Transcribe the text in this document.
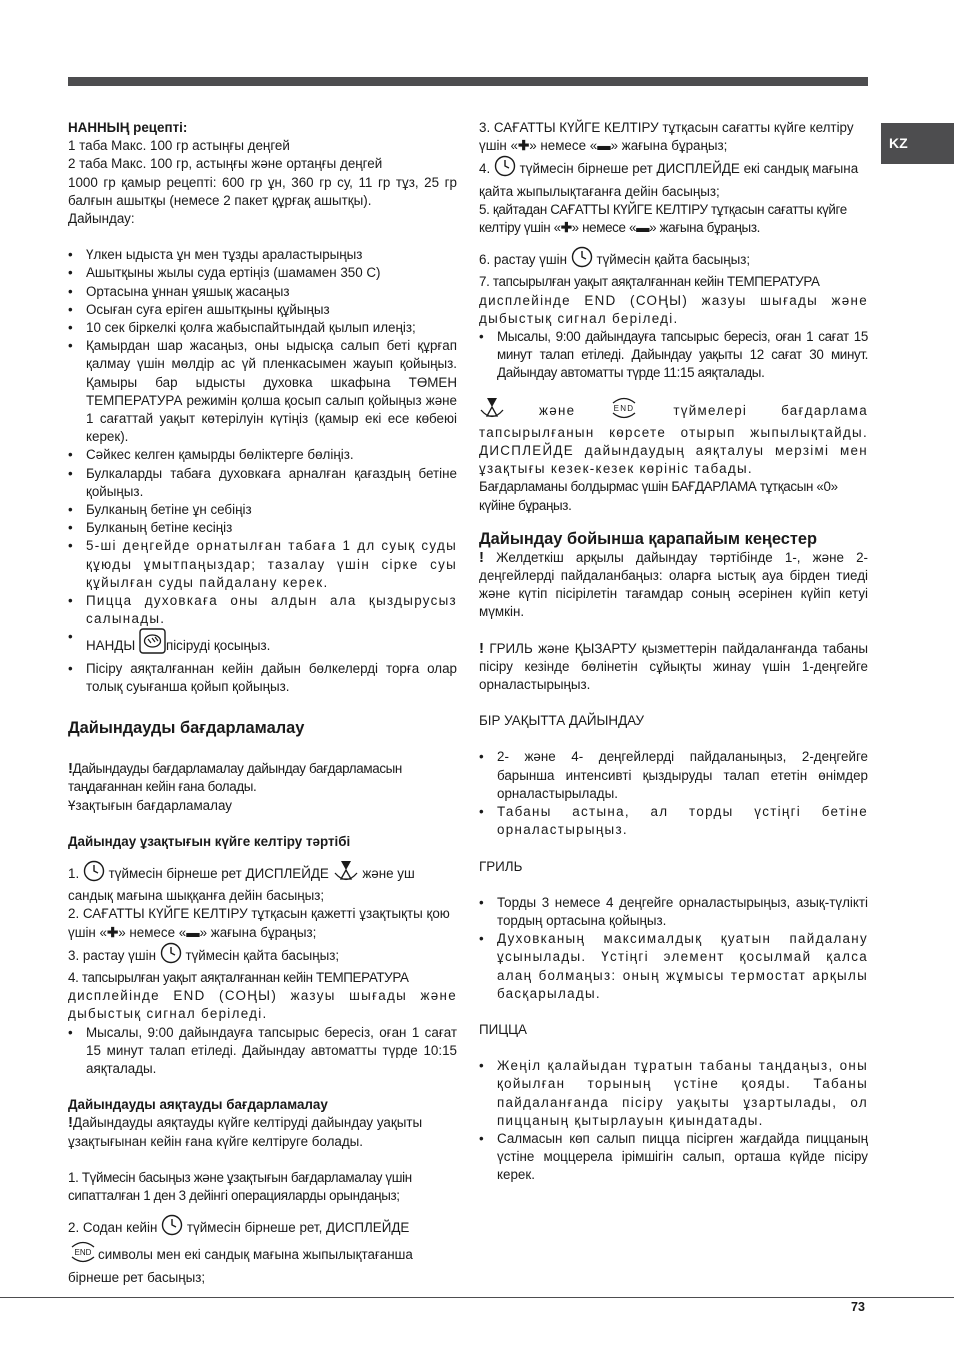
KZ

НАННЫҢ рецепті:

1 таба Макс. 100 гр астыңғы деңгей

2 таба Макс. 100 гр, астыңғы және ортаңғы деңгей

1000 гр қамыр рецепті: 600 гр ұн, 360 гр су, 11 гр тұз, 25 гр балғын ашытқы (немесе 2 пакет құрғақ ашытқы).

Дайындау:

• Үлкен ыдыста ұн мен тұзды араластырыңыз
• Ашытқыны жылы суда ертіңіз (шамамен 350 С)
• Ортасына ұннан ұяшық жасаңыз
• Осыған суға еріген ашытқыны құйыңыз
• 10 сек біркелкі қолға жабыспайтындай қылып илеңіз;
• Қамырдан шар жасаңыз, оны ыдысқа салып беті құрғап қалмау үшін мөлдір ас үй пленкасымен жауып қойыңыз. Қамыры бар ыдысты духовка шкафына ТӨМЕН ТЕМПЕРАТУРА режимін қолша қосып салып қойыңыз және 1 сағаттай уақыт көтерілуін күтіңіз (қамыр екі есе көбеюі керек).
• Сәйкес келген қамырды бөліктерге бөліңіз.
• Булкаларды табаға духовкаға арналған қағаздың бетіне қойыңыз.
• Булканың бетіне ұн себіңіз
• Булканың бетіне кесіңіз
• 5-ші деңгейде орнатылған табаға 1 дл суық суды құюды ұмытпаңыздар; тазалау үшін сірке суы құйылған суды пайдалану керек.
• Пицца духовкаға оны алдын ала қыздырусыз салынады.
• НАНДЫ пісіруді қосыңыз.
• Пісіру аяқталғаннан кейін дайын бөлкелерді торға олар толық суығанша қойып қойыңыз.

Дайындауды бағдарламалау

!Дайындауды бағдарламалау дайындау бағдарламасын таңдағаннан кейін ғана болады.

Ұзақтығын бағдарламалау

Дайындау ұзақтығын күйге келтіру тәртібі

1. түймесін бірнеше рет ДИСПЛЕЙДЕ және уш сандық мағына шыққанға дейін басыңыз;

2. САҒАТТЫ КҮЙГЕ КЕЛТІРУ тұтқасын қажетті ұзақтықты қою үшін «✚» немесе «▬» жағына бұраңыз;

3. растау үшін түймесін қайта басыңыз;

4. тапсырылған уақыт аяқталғаннан кейін ТЕМПЕРАТУРА

дисплейінде END (СОҢЫ) жазуы шығады және дыбыстық сигнал беріледі.

• Мысалы, 9:00 дайындауға тапсырыс бересіз, оған 1 сағат 15 минут талап етіледі. Дайындау автоматты түрде 10:15 аяқталады.

Дайындауды аяқтауды бағдарламалау

!Дайындауды аяқтауды күйге келтіруді дайындау уақыты ұзақтығынан кейін ғана күйге келтіруге болады.

1. Түймесін басыңыз және ұзақтығын бағдарламалау үшін сипатталған 1 ден 3 дейінгі операцияларды орындаңыз;

2. Содан кейін түймесін бірнеше рет, ДИСПЛЕЙДЕ

END символы мен екі сандық мағына жыпылықтағанша бірнеше рет басыңыз;

3. САҒАТТЫ КҮЙГЕ КЕЛТІРУ тұтқасын сағатты күйге келтіру үшін «✚» немесе «▬» жағына бұраңыз;

4. түймесін бірнеше рет ДИСПЛЕЙДЕ екі сандық мағына қайта жыпылықтағанға дейін басыңыз;

5. қайтадан САҒАТТЫ КҮЙГЕ КЕЛТІРУ тұтқасын сағатты күйге келтіру үшін «✚» немесе «▬» жағына бұраңыз.

6. растау үшін түймесін қайта басыңыз;

7. тапсырылған уақыт аяқталғаннан кейін ТЕМПЕРАТУРА

дисплейінде END (СОҢЫ) жазуы шығады және дыбыстық сигнал беріледі.

• Мысалы, 9:00 дайындауға тапсырыс бересіз, оған 1 сағат 15 минут талап етіледі. Дайындау уақыты 12 сағат 30 минут. Дайындау автоматты түрде 11:15 аяқталады.

және	END	түймелері бағдарлама тапсырылғанын көрсете отырып жыпылықтайды. ДИСПЛЕЙДЕ дайындаудың аяқталуы мерзімі мен ұзақтығы кезек-кезек көрініс табады.

Бағдарламаны болдырмас үшін БАҒДАРЛАМА тұтқасын «0» күйіне бұраңыз.

Дайындау бойынша қарапайым кеңестер

! Желдеткіш арқылы дайындау тәртібінде 1-, және 2-деңгейлерді пайдаланбаңыз: оларға ыстық ауа бірден тиеді және күтіп пісірілетін тағамдар соның әсерінен күйіп кетуі мүмкін.

! ГРИЛЬ және ҚЫЗАРТУ қызметтерін пайдаланғанда табаны пісіру кезінде бөлінетін сұйықты жинау үшін 1-деңгейге орналастырыңыз.

БІР УАҚЫТТА ДАЙЫНДАУ

• 2- және 4- деңгейлерді пайдаланыңыз, 2-деңгейге барынша интенсивті қыздыруды талап ететін өнімдер орналастырылады.
• Табаны астына, ал торды үстіңгі бетіне орналастырыңыз.

ГРИЛЬ

• Торды 3 немесе 4 деңгейге орналастырыңыз, азық-түлікті тордың ортасына қойыңыз.
• Духовканың максималдық қуатын пайдалану ұсынылады. Үстіңгі элемент қосылмай қалса алаң болмаңыз: оның жұмысы термостат арқылы басқарылады.

ПИЦЦА

• Жеңіл қалайыдан тұратын табаны таңдаңыз, оны қойылған торының үстіне қояды. Табаны пайдаланғанда пісіру уақыты ұзартылады, ол пиццаның қытырлауын қиындатады.
• Салмасын көп салып пицца пісірген жағдайда пиццаның үстіне моццерела ірімшігін салып, орташа күйде пісіру керек.
73
